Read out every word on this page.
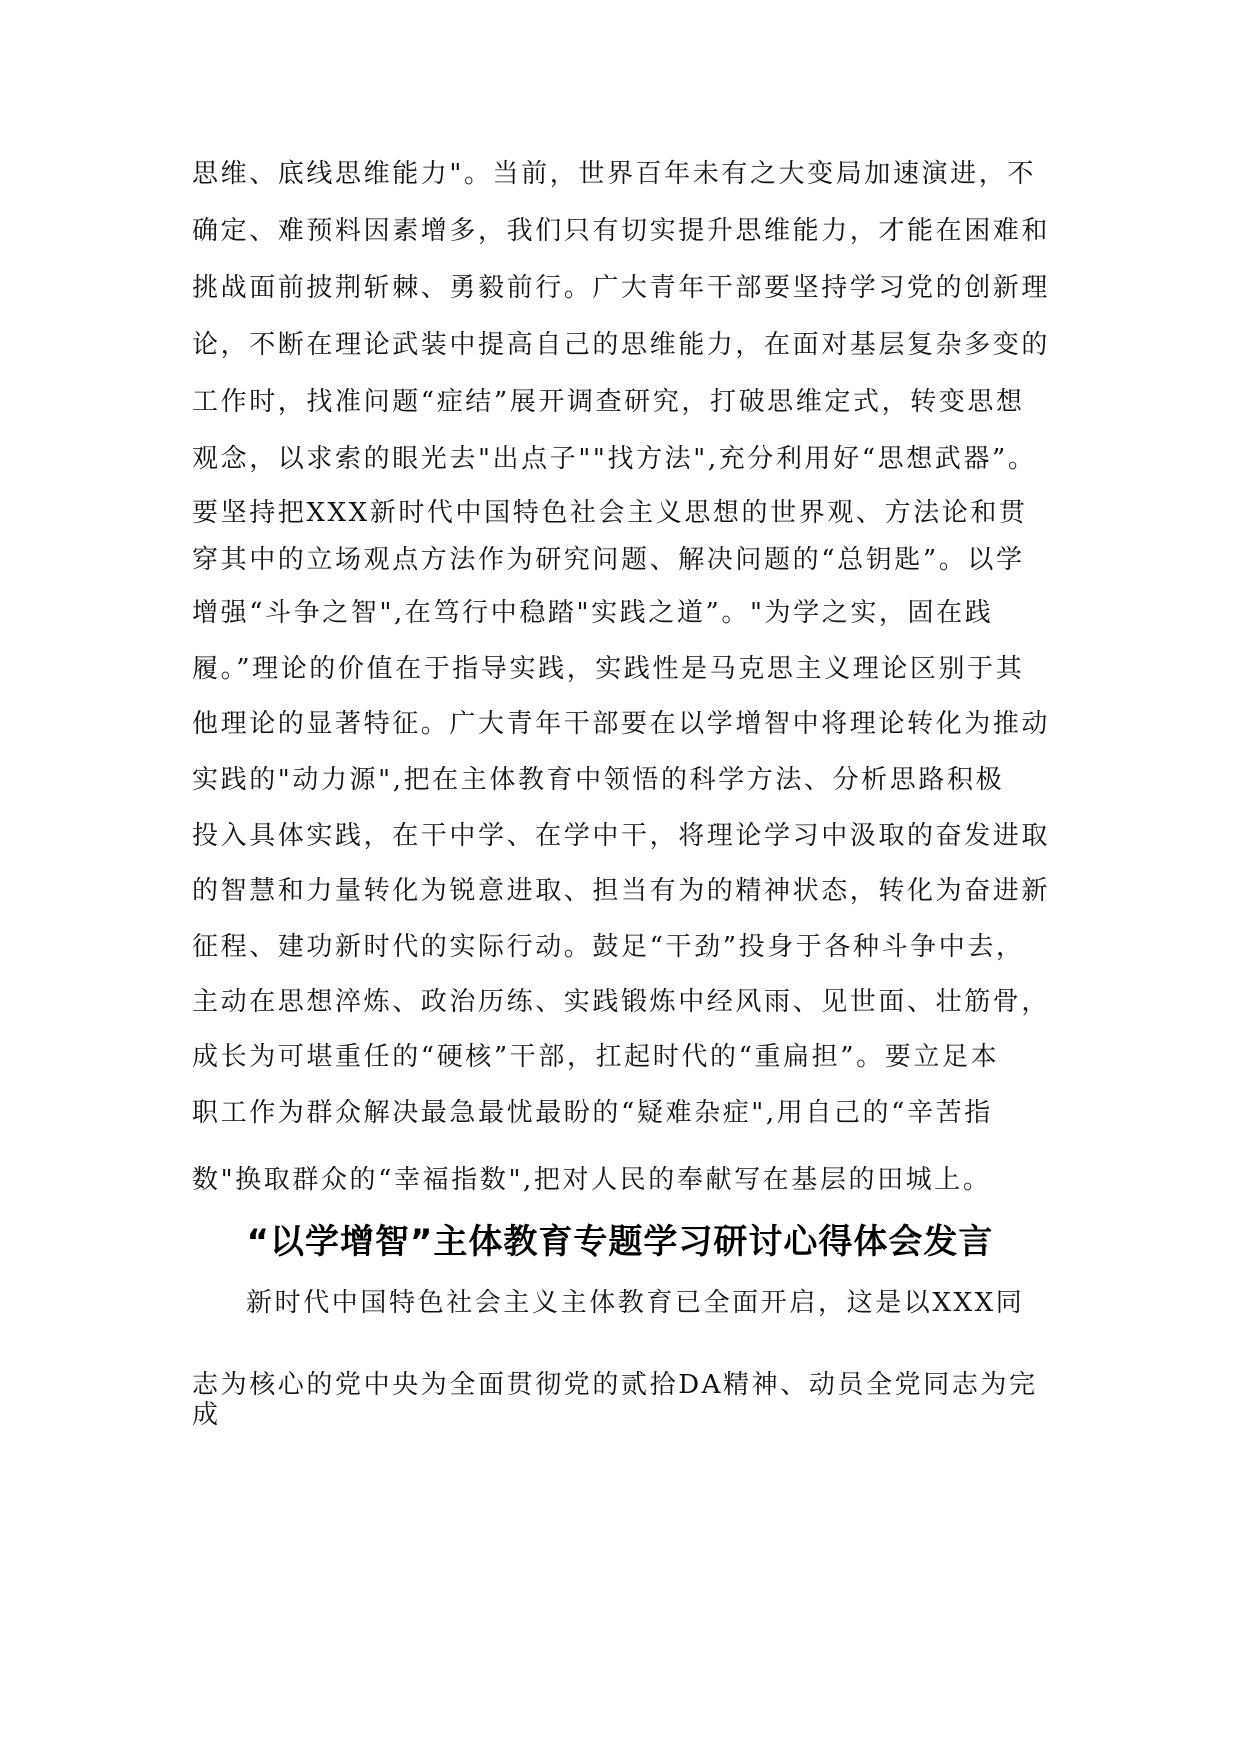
思维、底线思维能力"。当前，世界百年未有之大变局加速演进，不
确定、难预料因素增多，我们只有切实提升思维能力，才能在困难和
挑战面前披荆斩棘、勇毅前行。广大青年干部要坚持学习党的创新理
论，不断在理论武装中提高自己的思维能力，在面对基层复杂多变的
工作时，找准问题“症结”展开调查研究，打破思维定式，转变思想
观念，以求索的眼光去"出点子""找方法",充分利用好“思想武器”。
要坚持把XXX新时代中国特色社会主义思想的世界观、方法论和贯
穿其中的立场观点方法作为研究问题、解决问题的“总钥匙”。以学
增强“斗争之智",在笃行中稳踏"实践之道”。"为学之实，固在践
履。”理论的价值在于指导实践，实践性是马克思主义理论区别于其
他理论的显著特征。广大青年干部要在以学增智中将理论转化为推动
实践的"动力源",把在主体教育中领悟的科学方法、分析思路积极
投入具体实践，在干中学、在学中干，将理论学习中汲取的奋发进取
的智慧和力量转化为锐意进取、担当有为的精神状态，转化为奋进新
征程、建功新时代的实际行动。鼓足“干劲”投身于各种斗争中去，
主动在思想淬炼、政治历练、实践锻炼中经风雨、见世面、壮筋骨，
成长为可堪重任的“硬核”干部，扛起时代的“重扁担”。要立足本
职工作为群众解决最急最忧最盼的“疑难杂症",用自己的“辛苦指
数"换取群众的“幸福指数",把对人民的奉献写在基层的田城上。
“以学增智”主体教育专题学习研讨心得体会发言
新时代中国特色社会主义主体教育已全面开启，这是以XXX同
志为核心的党中央为全面贯彻党的贰拾DA精神、动员全党同志为完
成
